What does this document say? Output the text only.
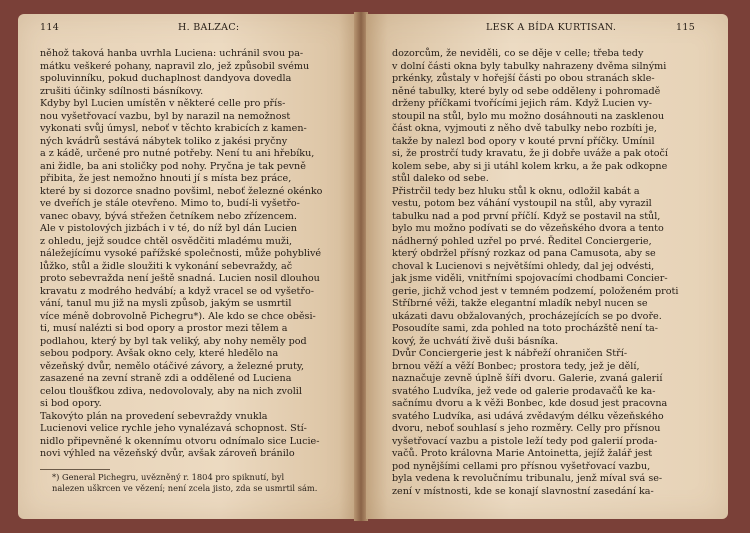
114	H. BALZAC:	LESK A BÍDA KURTISAN.	115

něhož taková hanba uvrhla Luciena: uchránil svou pa-

mátku veškeré pohany, napravil zlo, jež způsobil svému

spoluvinníku, pokud duchaplnost dandyova dovedla

zrušiti účinky sdílnosti básníkovy.

Kdyby byl Lucien umístěn v některé celle pro přís-

nou vyšetřovací vazbu, byl by narazil na nemožnost

vykonati svůj úmysl, neboť v těchto krabicích z kamen-

ných kvádrů sestává nábytek toliko z jakési pryčny

a z kádě, určené pro nutné potřeby. Není tu ani hřebíku,

ani židle, ba ani stoličky pod nohy. Pryčna je tak pevně

přibita, že jest nemožno hnouti jí s místa bez práce,

které by si dozorce snadno povšiml, neboť železné okénko

ve dveřích je stále otevřeno. Mimo to, budí-li vyšetřo-

vanec obavy, bývá střežen četníkem nebo zřízencem.

Ale v pistolových jizbách i v té, do níž byl dán Lucien

z ohledu, jejž soudce chtěl osvědčiti mladému muži,

náležejícímu vysoké pařížské společnosti, může pohyblivé

lůžko, stůl a židle sloužiti k vykonání sebevraždy, ač

proto sebevražda není ještě snadná. Lucien nosil dlouhou

kravatu z modrého hedvábí; a když vracel se od vyšetřo-

vání, tanul mu již na mysli způsob, jakým se usmrtil

více méně dobrovolně Pichegru*). Ale kdo se chce oběsi-

ti, musí nalézti si bod opory a prostor mezi tělem a

podlahou, který by byl tak veliký, aby nohy neměly pod

sebou podpory. Avšak okno cely, které hledělo na

vězeňský dvůr, nemělo otáčivé závory, a železné pruty,

zasazené na zevní straně zdi a oddělené od Luciena

celou tloušťkou zdiva, nedovolovaly, aby na nich zvolil

si bod opory.

Takovýto plán na provedení sebevraždy vnukla

Lucienovi velice rychle jeho vynalézavá schopnost. Stí-

nidlo připevněné k okennímu otvoru odnímalo sice Lucie-

novi výhled na vězeňský dvůr, avšak zároveň bránilo

*) General Pichegru, uvězněný r. 1804 pro spiknutí, byl

nalezen uškrcen ve vězení; není zcela jisto, zda se usmrtil sám.

dozorcům, že neviděli, co se děje v celle; třeba tedy

v dolní části okna byly tabulky nahrazeny dvěma silnými

prkénky, zůstaly v hořejší části po obou stranách skle-

něné tabulky, které byly od sebe odděleny i pohromadě

drženy příčkami tvořícími jejich rám. Když Lucien vy-

stoupil na stůl, bylo mu možno dosáhnouti na zasklenou

část okna, vyjmouti z něho dvě tabulky nebo rozbíti je,

takže by nalezl bod opory v kouté první příčky. Umínil

si, že prostrčí tudy kravatu, že ji dobře uváže a pak otočí

kolem sebe, aby si ji utáhl kolem krku, a že pak odkopne

stůl daleko od sebe.

Přistrčil tedy bez hluku stůl k oknu, odložil kabát a

vestu, potom bez váhání vystoupil na stůl, aby vyrazil

tabulku nad a pod první příčlí. Když se postavil na stůl,

bylo mu možno podívati se do vězeňského dvora a tento

nádherný pohled uzřel po prvé. Ředitel Conciergerie,

který obdržel přísný rozkaz od pana Camusota, aby se

choval k Lucienovi s největšími ohledy, dal jej odvésti,

jak jsme viděli, vnitřními spojovacími chodbami Concier-

gerie, jichž vchod jest v temném podzemí, položeném proti

Stříbrné věži, takže elegantní mladík nebyl nucen se

ukázati davu obžalovaných, procházejících se po dvoře.

Posoudíte sami, zda pohled na toto procházště není ta-

kový, že uchvátí živě duši básníka.

Dvůr Conciergerie jest k nábřeží ohraničen Stří-

brnou věží a věží Bonbec; prostora tedy, jež je dělí,

naznačuje zevně úplně šíři dvoru. Galerie, zvaná galerií

svatého Ludvíka, jež vede od galerie prodavačů ke ka-

sačnímu dvoru a k věži Bonbec, kde dosud jest pracovna

svatého Ludvíka, asi udává zvědavým délku vězeňského

dvoru, neboť souhlasí s jeho rozměry. Celly pro přísnou

vyšetřovací vazbu a pistole leží tedy pod galerií proda-

vačů. Proto královna Marie Antoinetta, jejíž žalář jest

pod nynějšími cellami pro přísnou vyšetřovací vazbu,

byla vedena k revolučnímu tribunalu, jenž míval svá se-

zení v místnosti, kde se konají slavnostní zasedání ka-
